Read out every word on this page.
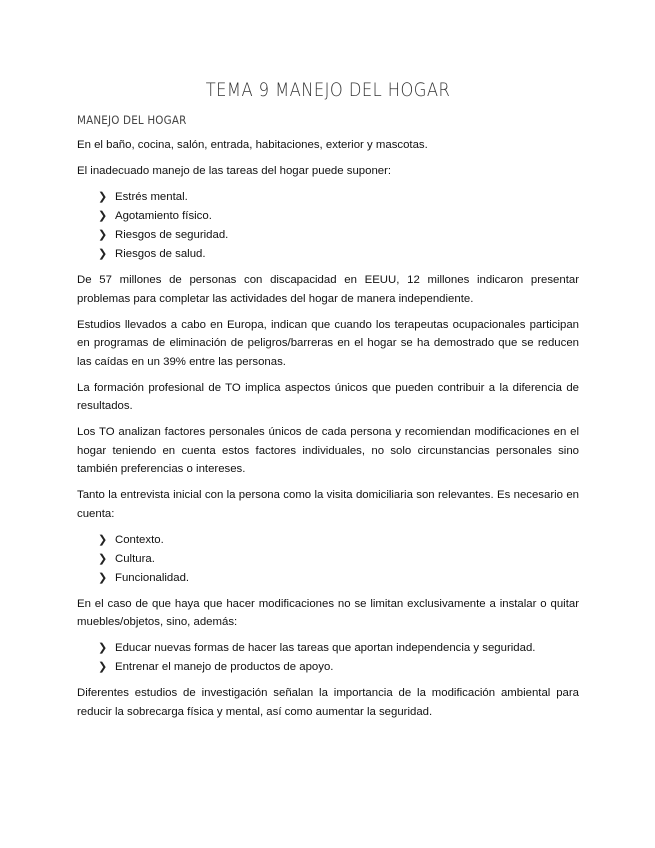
TEMA 9 MANEJO DEL HOGAR
MANEJO DEL HOGAR

En el baño, cocina, salón, entrada, habitaciones, exterior y mascotas.

El inadecuado manejo de las tareas del hogar puede suponer:

❯ Estrés mental.
❯ Agotamiento físico.
❯ Riesgos de seguridad.
❯ Riesgos de salud.

De 57 millones de personas con discapacidad en EEUU, 12 millones indicaron presentar problemas para completar las actividades del hogar de manera independiente.

Estudios llevados a cabo en Europa, indican que cuando los terapeutas ocupacionales participan en programas de eliminación de peligros/barreras en el hogar se ha demostrado que se reducen las caídas en un 39% entre las personas.

La formación profesional de TO implica aspectos únicos que pueden contribuir a la diferencia de resultados.

Los TO analizan factores personales únicos de cada persona y recomiendan modificaciones en el hogar teniendo en cuenta estos factores individuales, no solo circunstancias personales sino también preferencias o intereses.

Tanto la entrevista inicial con la persona como la visita domiciliaria son relevantes. Es necesario en cuenta:

❯ Contexto.
❯ Cultura.
❯ Funcionalidad.

En el caso de que haya que hacer modificaciones no se limitan exclusivamente a instalar o quitar muebles/objetos, sino, además:

❯ Educar nuevas formas de hacer las tareas que aportan independencia y seguridad.
❯ Entrenar el manejo de productos de apoyo.

Diferentes estudios de investigación señalan la importancia de la modificación ambiental para reducir la sobrecarga física y mental, así como aumentar la seguridad.
